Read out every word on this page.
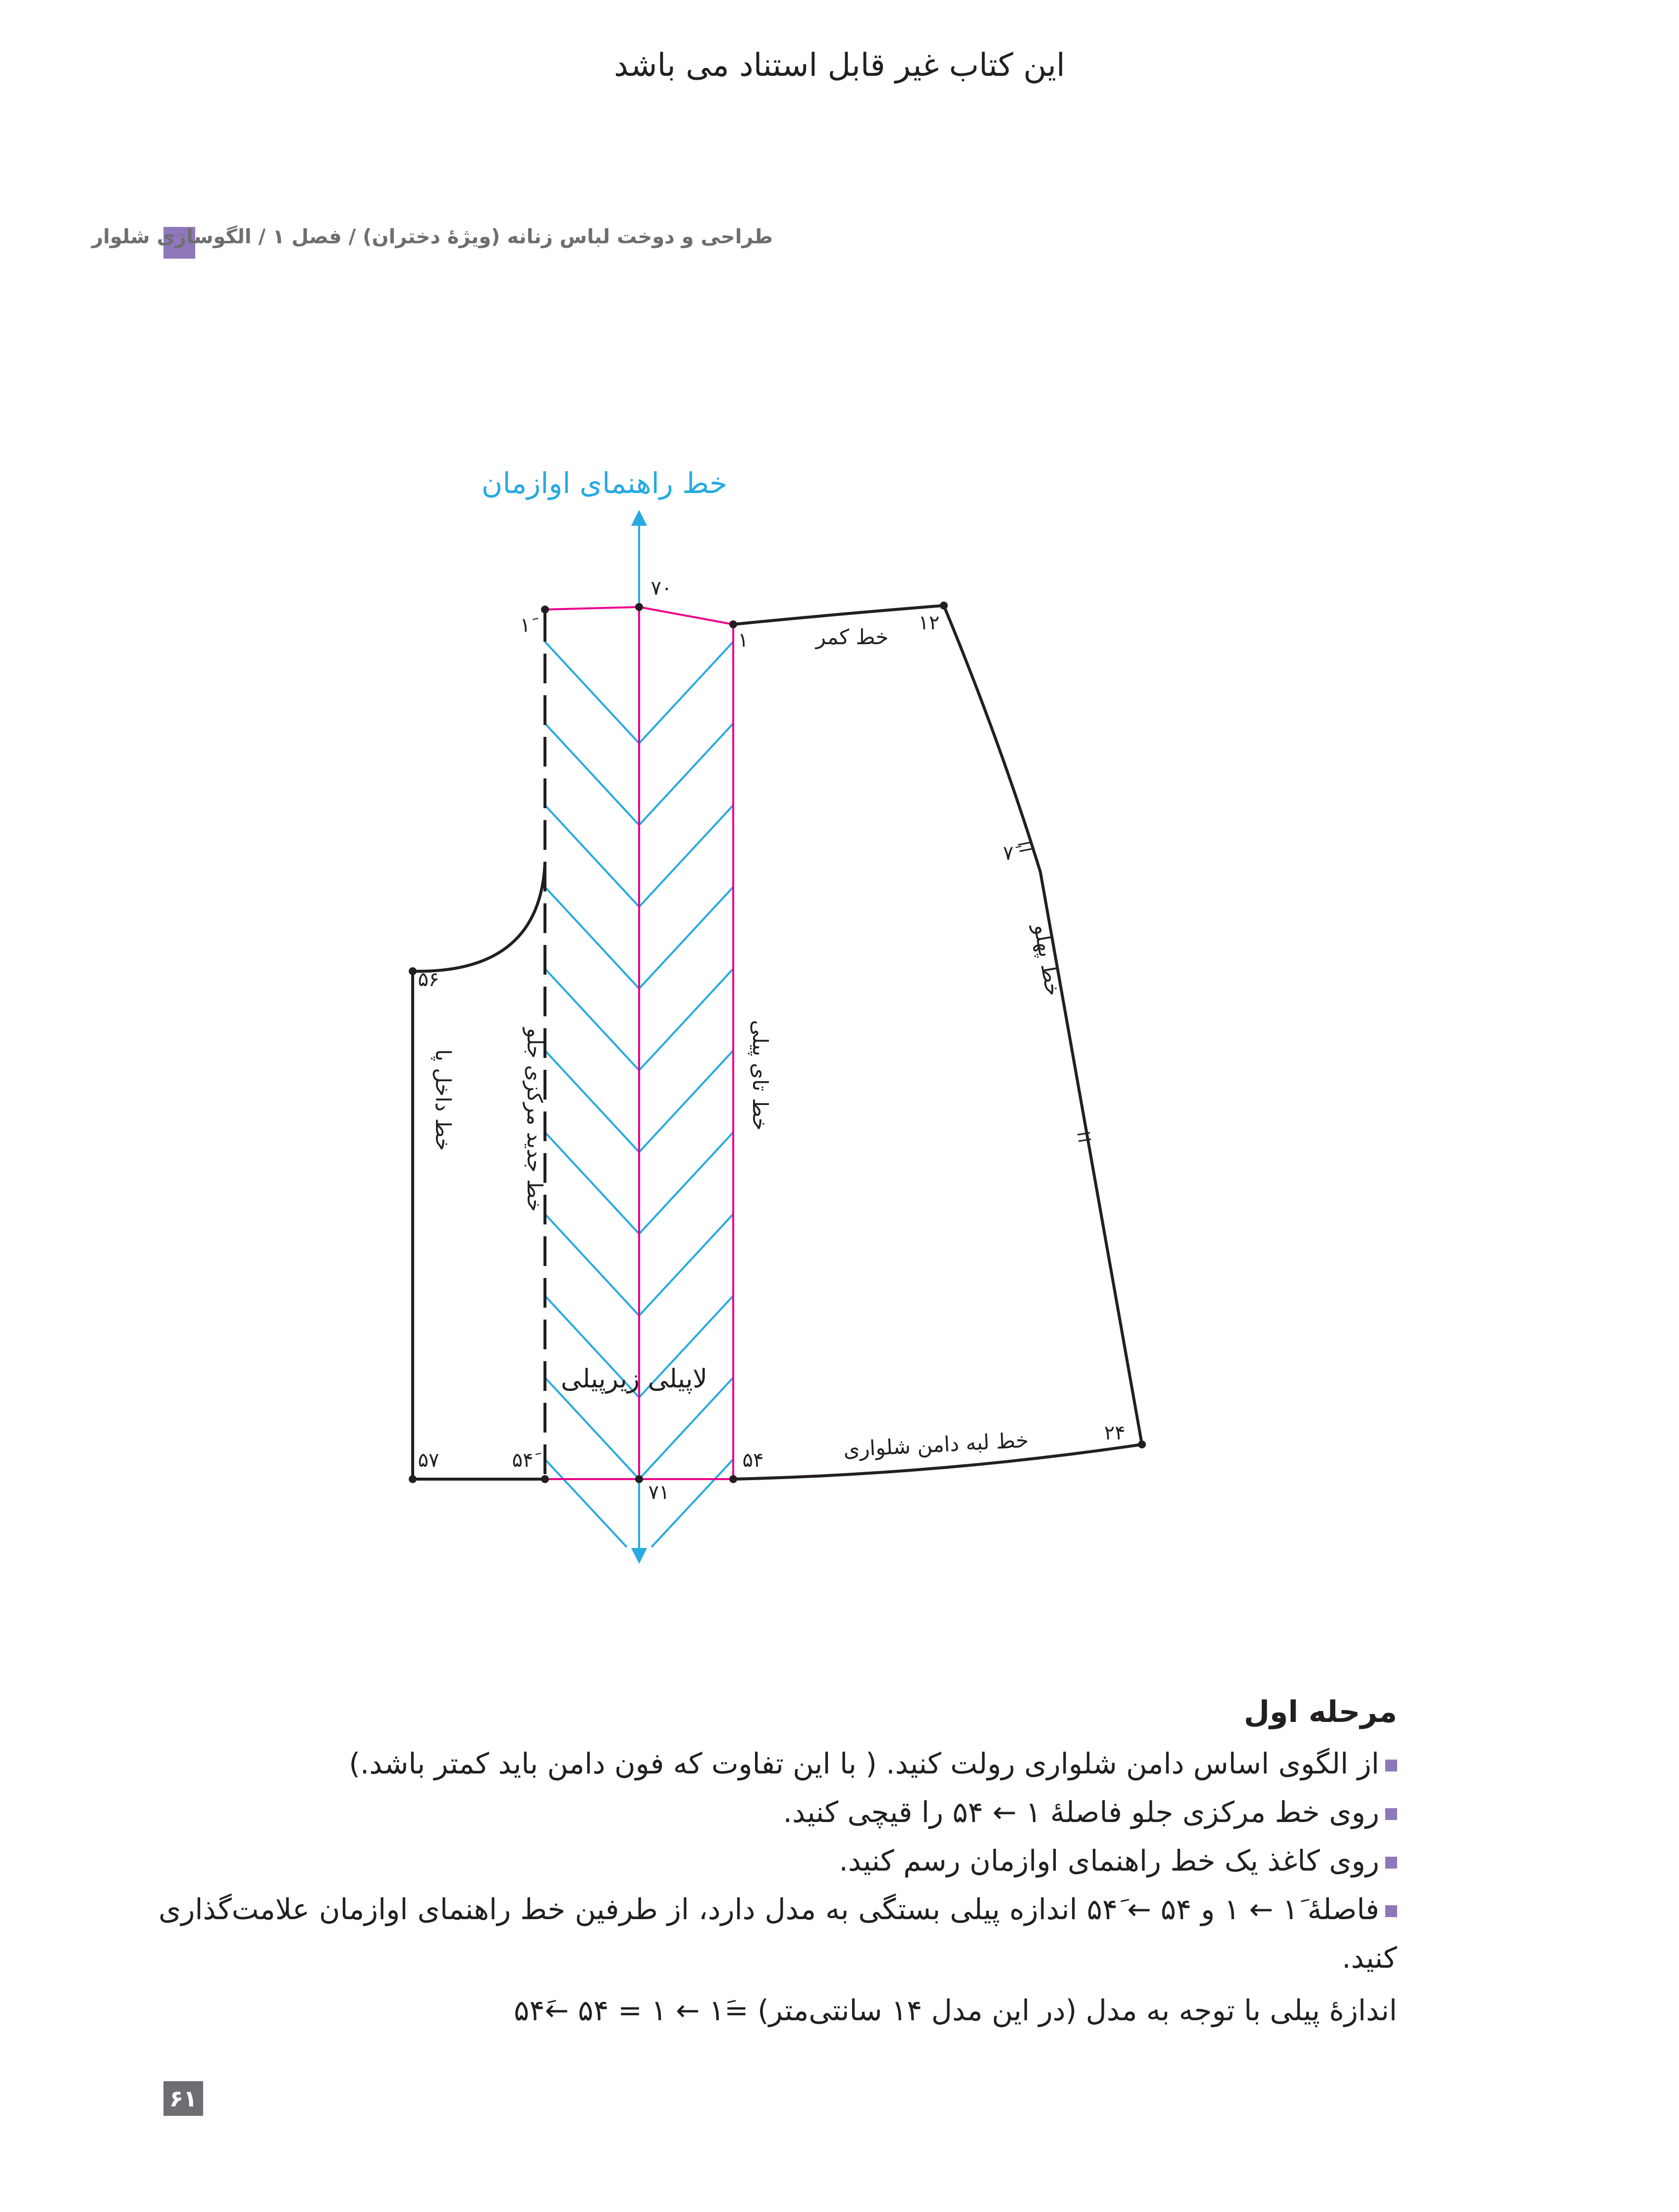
این کتاب غیر قابل استناد می باشد
طراحی و دوخت لباس زنانه (ویژۀ دختران) / فصل ۱ / الگوسازی شلوار
خط راهنمای اوازمان
۱َ
۷۰
۱
۱۲
۷َ
۵۶
۵۷	۵۴َ	۵۴
۷۱
۲۴
خط کمر
خط لبه دامن شلواری
خط پهلو
خط داخل پا	خط جدید مرکزی جلو	خط تای پیلی
لاپیلی زیرپیلی
مرحله اول

از الگوی اساس دامن شلواری رولت کنید. ( با این تفاوت که فون دامن باید کمتر باشد.)

روی خط مرکزی جلو فاصلۀ ۱ ← ۵۴ را قیچی کنید.

روی کاغذ یک خط راهنمای اوازمان رسم کنید.

فاصلۀ ۱َ ← ۱ و ۵۴ ← ۵۴َ اندازه پیلی بستگی به مدل دارد، از طرفین خط راهنمای اوازمان علامت‌گذاری کنید.

اندازۀ پیلی با توجه به مدل (در این مدل ۱۴ سانتی‌متر) =۱َ ← ۱ = ۵۴ ←۵۴َ

۶۱
